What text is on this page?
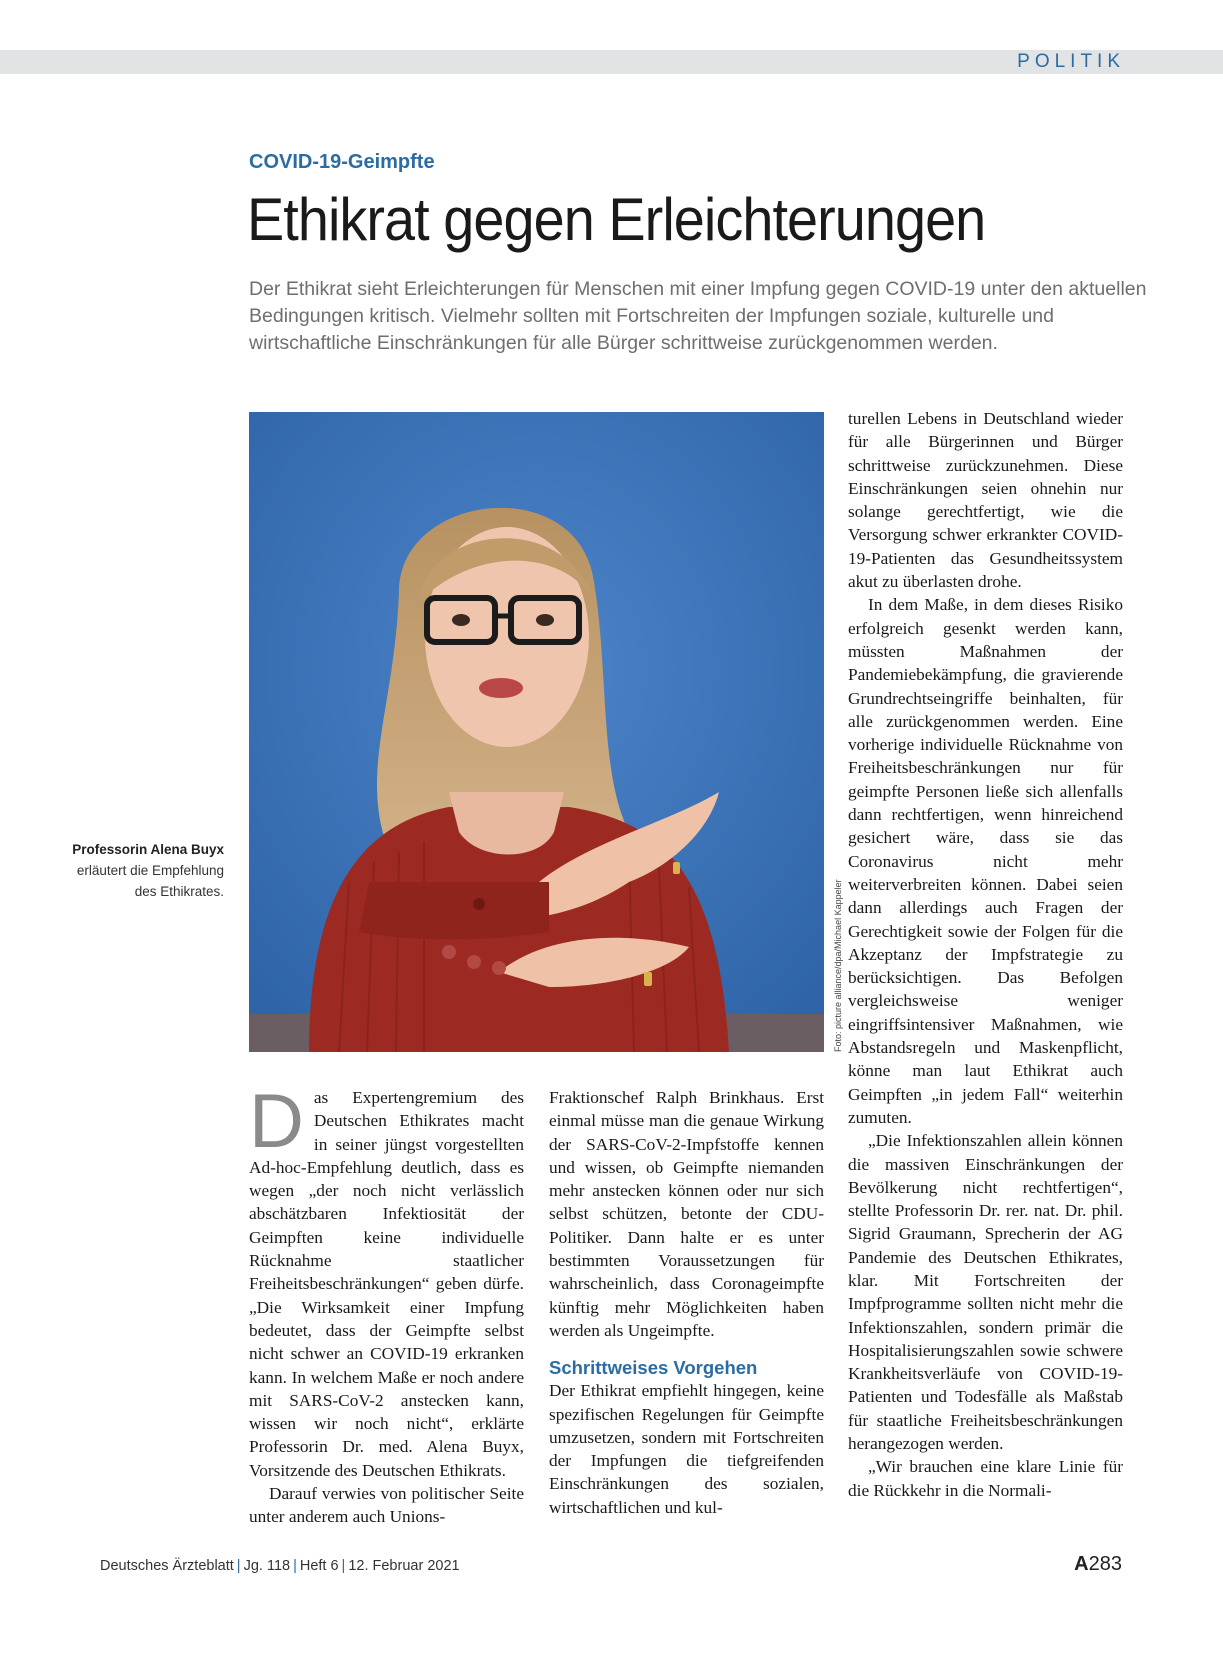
POLITIK
COVID-19-Geimpfte
Ethikrat gegen Erleichterungen

Der Ethikrat sieht Erleichterungen für Menschen mit einer Impfung gegen COVID-19 unter den aktuellen Bedingungen kritisch. Vielmehr sollten mit Fortschreiten der Impfungen soziale, kulturelle und wirtschaftliche Einschränkungen für alle Bürger schrittweise zurückgenommen werden.

Professorin Alena Buyx erläutert die Empfehlung des Ethikrates.	Foto: picture alliance/dpa/Michael Kappeler
D as Expertengremium des Deutschen Ethikrates macht in seiner jüngst vorgestellten Ad-hoc-Empfehlung deutlich, dass es wegen „der noch nicht verlässlich abschätzbaren Infektiosität der Geimpften keine individuelle Rücknahme staatlicher Freiheitsbeschränkungen“ geben dürfe. „Die Wirksamkeit einer Impfung bedeutet, dass der Geimpfte selbst nicht schwer an COVID-19 erkranken kann. In welchem Maße er noch andere mit SARS-CoV-2 anstecken kann, wissen wir noch nicht“, erklärte Professorin Dr. med. Alena Buyx, Vorsitzende des Deutschen Ethikrats.

Darauf verwies von politischer Seite unter anderem auch Unions-

Fraktionschef Ralph Brinkhaus. Erst einmal müsse man die genaue Wirkung der SARS-CoV-2-Impfstoffe kennen und wissen, ob Geimpfte niemanden mehr anstecken können oder nur sich selbst schützen, betonte der CDU-Politiker. Dann halte er es unter bestimmten Voraussetzungen für wahrscheinlich, dass Coronageimpfte künftig mehr Möglichkeiten haben werden als Ungeimpfte.

Schrittweises Vorgehen

Der Ethikrat empfiehlt hingegen, keine spezifischen Regelungen für Geimpfte umzusetzen, sondern mit Fortschreiten der Impfungen die tiefgreifenden Einschränkungen des sozialen, wirtschaftlichen und kul-

turellen Lebens in Deutschland wieder für alle Bürgerinnen und Bürger schrittweise zurückzunehmen. Diese Einschränkungen seien ohnehin nur solange gerechtfertigt, wie die Versorgung schwer erkrankter COVID-19-Patienten das Gesundheitssystem akut zu überlasten drohe.

In dem Maße, in dem dieses Risiko erfolgreich gesenkt werden kann, müssten Maßnahmen der Pandemiebekämpfung, die gravierende Grundrechtseingriffe beinhalten, für alle zurückgenommen werden. Eine vorherige individuelle Rücknahme von Freiheitsbeschränkungen nur für geimpfte Personen ließe sich allenfalls dann rechtfertigen, wenn hinreichend gesichert wäre, dass sie das Coronavirus nicht mehr weiterverbreiten können. Dabei seien dann allerdings auch Fragen der Gerechtigkeit sowie der Folgen für die Akzeptanz der Impfstrategie zu berücksichtigen. Das Befolgen vergleichsweise weniger eingriffsintensiver Maßnahmen, wie Abstandsregeln und Maskenpflicht, könne man laut Ethikrat auch Geimpften „in jedem Fall“ weiterhin zumuten.

„Die Infektionszahlen allein können die massiven Einschränkungen der Bevölkerung nicht rechtfertigen“, stellte Professorin Dr. rer. nat. Dr. phil. Sigrid Graumann, Sprecherin der AG Pandemie des Deutschen Ethikrates, klar. Mit Fortschreiten der Impfprogramme sollten nicht mehr die Infektionszahlen, sondern primär die Hospitalisierungszahlen sowie schwere Krankheitsverläufe von COVID-19-Patienten und Todesfälle als Maßstab für staatliche Freiheitsbeschränkungen herangezogen werden.

„Wir brauchen eine klare Linie für die Rückkehr in die Normali-

Deutsches Ärzteblatt | Jg. 118 | Heft 6 | 12. Februar 2021	A283
